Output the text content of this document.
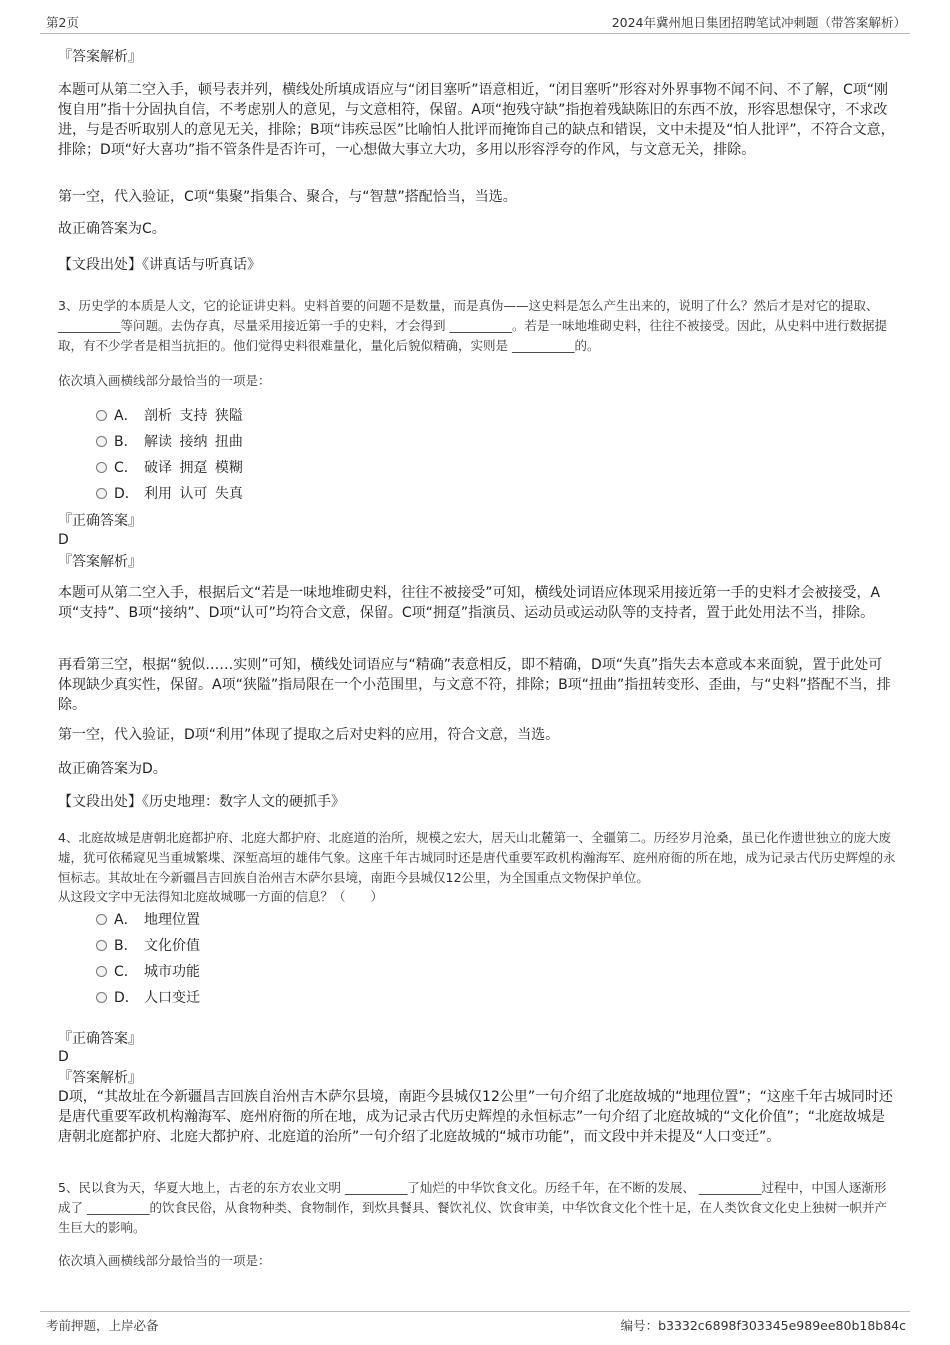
第2页	2024年冀州旭日集团招聘笔试冲刺题（带答案解析）
『答案解析』
本题可从第二空入手，顿号表并列，横线处所填成语应与“闭目塞听”语意相近，“闭目塞听”形容对外界事物不闻不问、不了解，C项“刚愎自用”指十分固执自信，不考虑别人的意见，与文意相符，保留。A项“抱残守缺”指抱着残缺陈旧的东西不放，形容思想保守，不求改进，与是否听取别人的意见无关，排除；B项“讳疾忌医”比喻怕人批评而掩饰自己的缺点和错误，文中未提及“怕人批评”，不符合文意，排除；D项“好大喜功”指不管条件是否许可，一心想做大事立大功，多用以形容浮夸的作风，与文意无关，排除。
第一空，代入验证，C项“集聚”指集合、聚合，与“智慧”搭配恰当，当选。
故正确答案为C。
【文段出处】《讲真话与听真话》
3、历史学的本质是人文，它的论证讲史料。史料首要的问题不是数量，而是真伪——这史料是怎么产生出来的，说明了什么？然后才是对它的提取、 __________等问题。去伪存真，尽量采用接近第一手的史料，才会得到 __________。若是一味地堆砌史料，往往不被接受。因此，从史料中进行数据提取，有不少学者是相当抗拒的。他们觉得史料很难量化，量化后貌似精确，实则是 __________的。
依次填入画横线部分最恰当的一项是：
A． 剖析 支持 狭隘
B． 解读 接纳 扭曲
C． 破译 拥趸 模糊
D． 利用 认可 失真
『正确答案』
D
『答案解析』
本题可从第二空入手，根据后文“若是一味地堆砌史料，往往不被接受”可知，横线处词语应体现采用接近第一手的史料才会被接受，A项“支持”、B项“接纳”、D项“认可”均符合文意，保留。C项“拥趸”指演员、运动员或运动队等的支持者，置于此处用法不当，排除。
再看第三空，根据“貌似……实则”可知，横线处词语应与“精确”表意相反，即不精确，D项“失真”指失去本意或本来面貌，置于此处可体现缺少真实性，保留。A项“狭隘”指局限在一个小范围里，与文意不符，排除；B项“扭曲”指扭转变形、歪曲，与“史料”搭配不当，排除。
第一空，代入验证，D项“利用”体现了提取之后对史料的应用，符合文意，当选。
故正确答案为D。
【文段出处】《历史地理：数字人文的硬抓手》
4、北庭故城是唐朝北庭都护府、北庭大都护府、北庭道的治所，规模之宏大，居天山北麓第一、全疆第二。历经岁月沧桑，虽已化作遗世独立的庞大废墟，犹可依稀窥见当重城繁堞、深堑高垣的雄伟气象。这座千年古城同时还是唐代重要军政机构瀚海军、庭州府衙的所在地，成为记录古代历史辉煌的永恒标志。其故址在今新疆昌吉回族自治州吉木萨尔县境，南距今县城仅12公里，为全国重点文物保护单位。
从这段文字中无法得知北庭故城哪一方面的信息？（　　）
A． 地理位置
B． 文化价值
C． 城市功能
D． 人口变迁
『正确答案』
D
『答案解析』
D项，“其故址在今新疆昌吉回族自治州吉木萨尔县境，南距今县城仅12公里”一句介绍了北庭故城的“地理位置”；“这座千年古城同时还是唐代重要军政机构瀚海军、庭州府衙的所在地，成为记录古代历史辉煌的永恒标志”一句介绍了北庭故城的“文化价值”；“北庭故城是唐朝北庭都护府、北庭大都护府、北庭道的治所”一句介绍了北庭故城的“城市功能”，而文段中并未提及“人口变迁”。
5、民以食为天，华夏大地上，古老的东方农业文明 __________了灿烂的中华饮食文化。历经千年，在不断的发展、 __________过程中，中国人逐渐形成了 __________的饮食民俗，从食物种类、食物制作，到炊具餐具、餐饮礼仪、饮食审美，中华饮食文化个性十足，在人类饮食文化史上独树一帜并产生巨大的影响。
依次填入画横线部分最恰当的一项是：
考前押题，上岸必备	编号：b3332c6898f303345e989ee80b18b84c
